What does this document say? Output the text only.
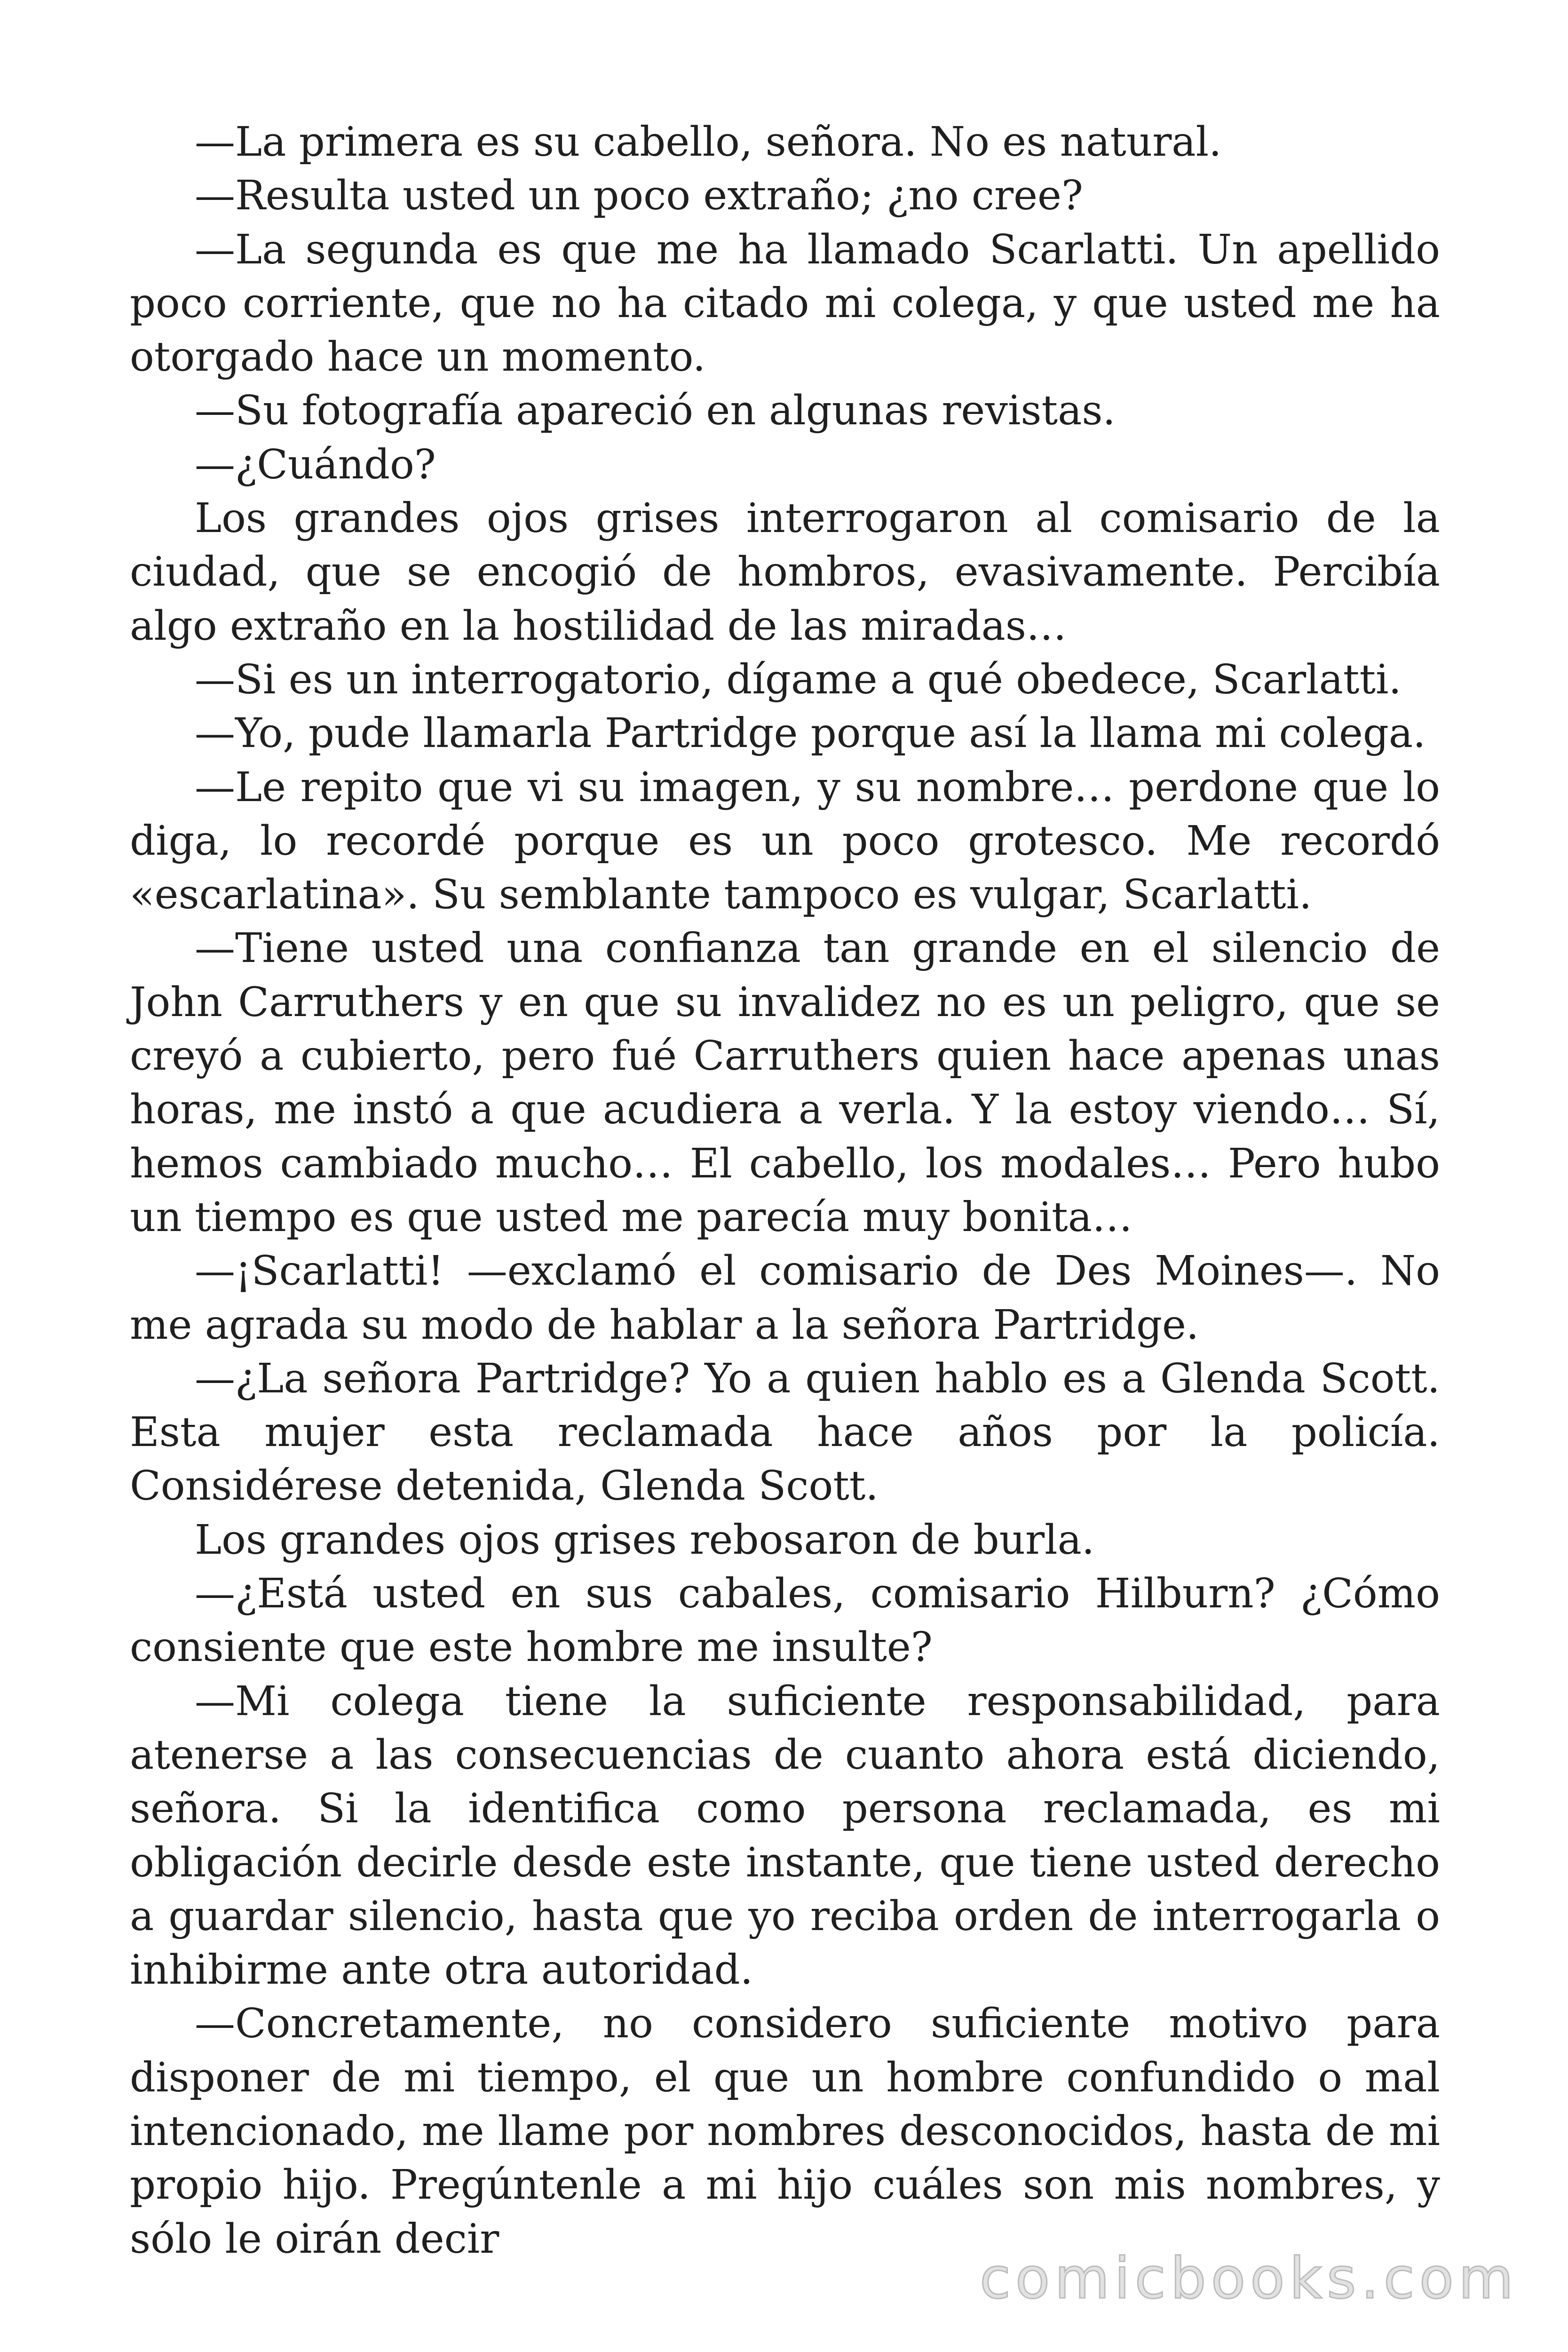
—La primera es su cabello, señora. No es natural.

—Resulta usted un poco extraño; ¿no cree?

—La segunda es que me ha llamado Scarlatti. Un apellido poco corriente, que no ha citado mi colega, y que usted me ha otorgado hace un momento.

—Su fotografía apareció en algunas revistas.

—¿Cuándo?

Los grandes ojos grises interrogaron al comisario de la ciudad, que se encogió de hombros, evasivamente. Percibía algo extraño en la hostilidad de las miradas…

—Si es un interrogatorio, dígame a qué obedece, Scarlatti.

—Yo, pude llamarla Partridge porque así la llama mi colega.

—Le repito que vi su imagen, y su nombre… perdone que lo diga, lo recordé porque es un poco grotesco. Me recordó «escarlatina». Su semblante tampoco es vulgar, Scarlatti.

—Tiene usted una confianza tan grande en el silencio de John Carruthers y en que su invalidez no es un peligro, que se creyó a cubierto, pero fué Carruthers quien hace apenas unas horas, me instó a que acudiera a verla. Y la estoy viendo… Sí, hemos cambiado mucho… El cabello, los modales… Pero hubo un tiempo es que usted me parecía muy bonita…

—¡Scarlatti! —exclamó el comisario de Des Moines—. No me agrada su modo de hablar a la señora Partridge.

—¿La señora Partridge? Yo a quien hablo es a Glenda Scott. Esta mujer esta reclamada hace años por la policía. Considérese detenida, Glenda Scott.

Los grandes ojos grises rebosaron de burla.

—¿Está usted en sus cabales, comisario Hilburn? ¿Cómo consiente que este hombre me insulte?

—Mi colega tiene la suficiente responsabilidad, para atenerse a las consecuencias de cuanto ahora está diciendo, señora. Si la identifica como persona reclamada, es mi obligación decirle desde este instante, que tiene usted derecho a guardar silencio, hasta que yo reciba orden de interrogarla o inhibirme ante otra autoridad.

—Concretamente, no considero suficiente motivo para disponer de mi tiempo, el que un hombre confundido o mal intencionado, me llame por nombres desconocidos, hasta de mi propio hijo. Pregúntenle a mi hijo cuáles son mis nombres, y sólo le oirán decir

comicbooks.com
